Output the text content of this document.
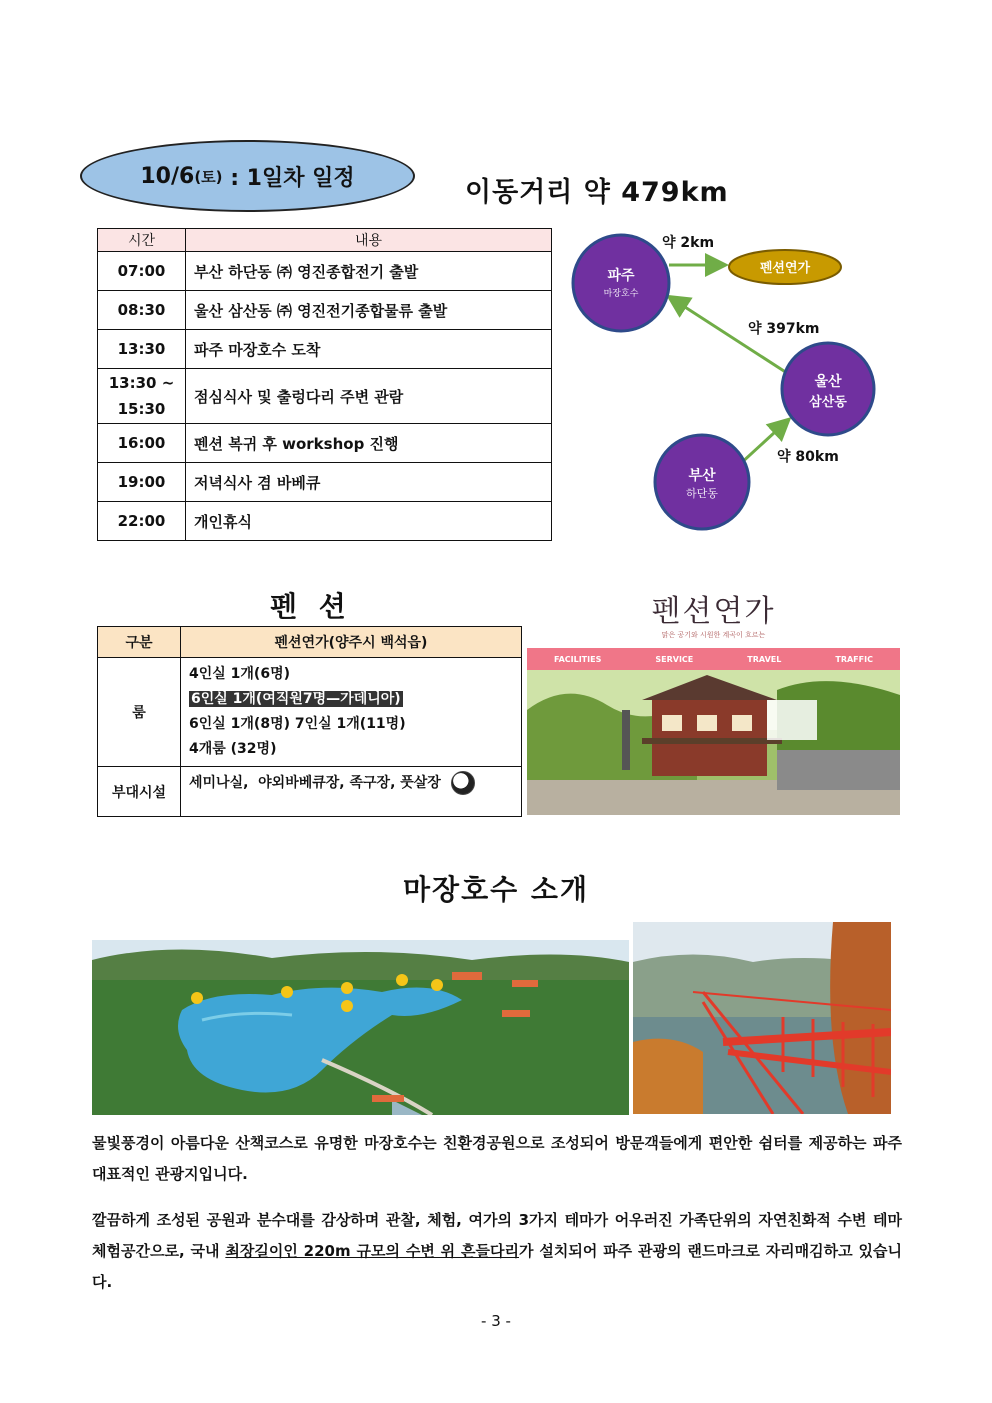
10/6 (토) : 1일차 일정	이동거리 약 479km
시간	내용
07:00	부산 하단동 ㈜ 영진종합전기 출발
08:30	울산 삼산동 ㈜ 영진전기종합물류 출발
13:30	파주 마장호수 도착

13:30 ~
15:30	점심식사 및 출렁다리 주변 관람
16:00	펜션 복귀 후 workshop 진행
19:00	저녁식사 겸 바베큐
22:00	개인휴식
파주
마장호수
펜션연가
울산
삼산동
부산
하단동
약 2km
약 397km
약 80km
펜 션
구분	펜션연가(양주시 백석읍)
룸	4인실 1개(6명)
6인실 1개(여직원7명—가데니아)
6인실 1개(8명) 7인실 1개(11명)
4개룸 (32명)

부대시설	세미나실,  야외바베큐장, 족구장, 풋살장
펜션연가
맑은 공기와 시원한 계곡이 흐르는
FACILITIES	SERVICE	TRAVEL	TRAFFIC
마장호수 소개
물빛풍경이 아름다운 산책코스로 유명한 마장호수는 친환경공원으로 조성되어 방문객들에게 편안한 쉼터를 제공하는 파주 대표적인 관광지입니다.
깔끔하게 조성된 공원과 분수대를 감상하며 관찰, 체험, 여가의 3가지 테마가 어우러진 가족단위의 자연친화적 수변 테마 체험공간으로, 국내 최장길이인 220m 규모의 수변 위 흔들다리가 설치되어 파주 관광의 랜드마크로 자리매김하고 있습니다.
- 3 -
